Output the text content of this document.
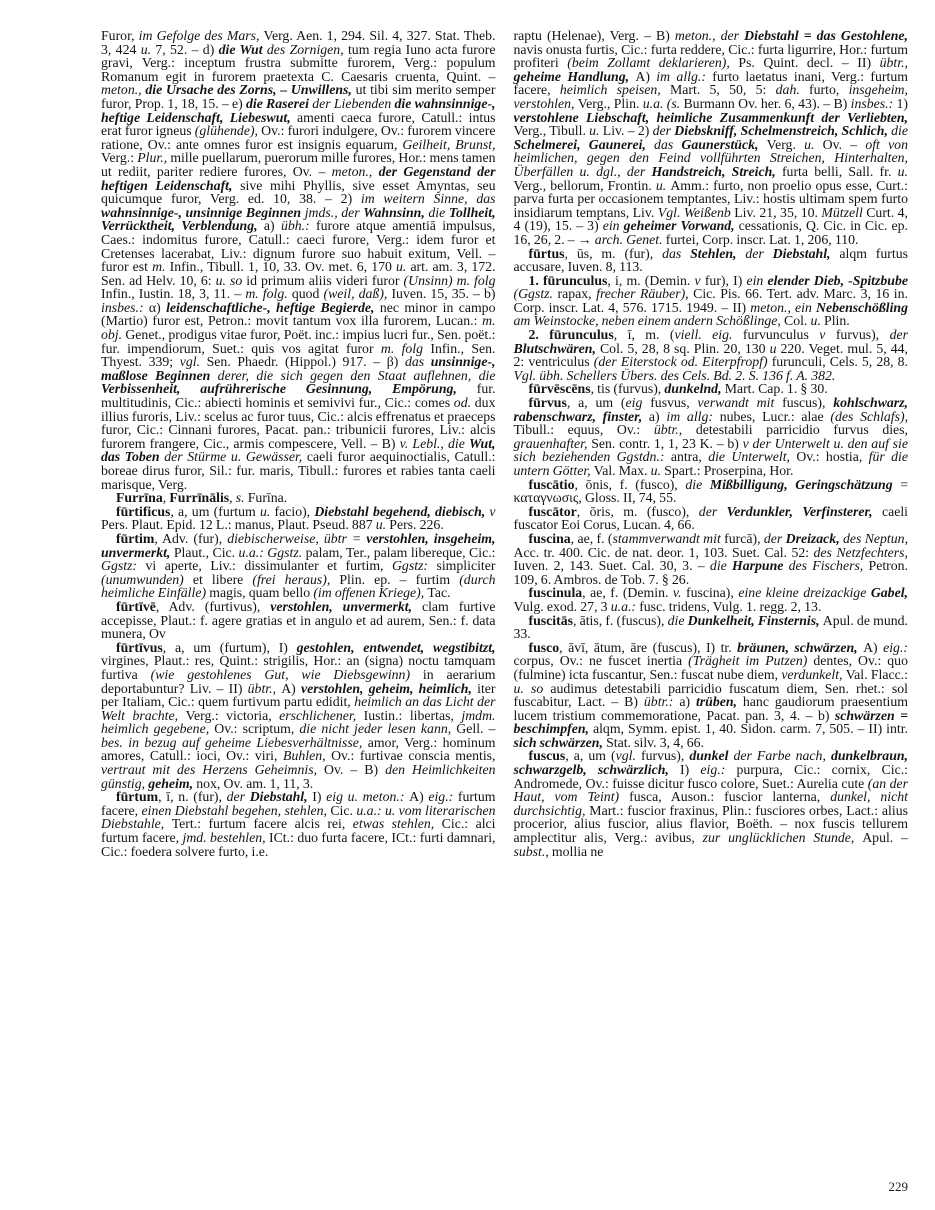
Furor, im Gefolge des Mars, Verg. Aen. 1, 294. Sil. 4, 327. Stat. Theb. 3, 424 u. 7, 52. – d) die Wut des Zornigen, tum regia Iuno acta furore gravi, Verg.: inceptum frustra submitte furorem, Verg.: populum Romanum egit in furorem praetexta C. Caesaris cruenta, Quint. – meton., die Ursache des Zorns, – Unwillens, ut tibi sim merito semper furor, Prop. 1, 18, 15. – e) die Raserei der Liebenden die wahnsinnige-, heftige Leidenschaft, Liebeswut, amenti caeca furore, Catull.: intus erat furor igneus (glühende), Ov.: furori indulgere, Ov.: furorem vincere ratione, Ov.: ante omnes furor est insignis equarum, Geilheit, Brunst, Verg.: Plur., mille puellarum, puerorum mille furores, Hor.: mens tamen ut rediit, pariter rediere furores, Ov. – meton., der Gegenstand der heftigen Leidenschaft, sive mihi Phyllis, sive esset Amyntas, seu quicumque furor, Verg. ed. 10, 38. – 2) im weitern Sinne, das wahnsinnige-, unsinnige Beginnen jmds., der Wahnsinn, die Tollheit, Verrücktheit, Verblendung, a) übh.: furore atque amentiā impulsus, Caes.: indomitus furore, Catull.: caeci furore, Verg.: idem furor et Cretenses lacerabat, Liv.: dignum furore suo habuit exitum, Vell. – furor est m. Infin., Tibull. 1, 10, 33. Ov. met. 6, 170 u. art. am. 3, 172. Sen. ad Helv. 10, 6: u. so id primum aliis videri furor (Unsinn) m. folg Infin., Iustin. 18, 3, 11. – m. folg. quod (weil, daß), Iuven. 15, 35. – b) insbes.: α) leidenschaftliche-, heftige Begierde, nec minor in campo (Martio) furor est, Petron.: movit tantum vox illa furorem, Lucan.: m. obj. Genet., prodigus vitae furor, Poët. inc.: impius lucri fur., Sen. poët.: fur. impendiorum, Suet.: quis vos agitat furor m. folg Infin., Sen. Thyest. 339; vgl. Sen. Phaedr. (Hippol.) 917. – β) das unsinnige-, maßlose Beginnen derer, die sich gegen den Staat auflehnen, die Verbissenheit, aufrührerische Gesinnung, Empörung, fur. multitudinis, Cic.: abiecti hominis et semivivi fur., Cic.: comes od. dux illius furoris, Liv.: scelus ac furor tuus, Cic.: alcis effrenatus et praeceps furor, Cic.: Cinnani furores, Pacat. pan.: tribunicii furores, Liv.: alcis furorem frangere, Cic., armis compescere, Vell. – B) v. Lebl., die Wut, das Toben der Stürme u. Gewässer, caeli furor aequinoctialis, Catull.: boreae dirus furor, Sil.: fur. maris, Tibull.: furores et rabies tanta caeli marisque, Verg.

Furrīna, Furrīnālis, s. Furīna.

fūrtificus, a, um (furtum u. facio), Diebstahl begehend, diebisch, v Pers. Plaut. Epid. 12 L.: manus, Plaut. Pseud. 887 u. Pers. 226.

fūrtim, Adv. (fur), diebischerweise, übtr = verstohlen, insgeheim, unvermerkt, Plaut., Cic. u.a.: Ggstz. palam, Ter., palam libereque, Cic.: Ggstz: vi aperte, Liv.: dissimulanter et furtim, Ggstz: simpliciter (unumwunden) et libere (frei heraus), Plin. ep. – furtim (durch heimliche Einfälle) magis, quam bello (im offenen Kriege), Tac.

fūrtīvē, Adv. (furtivus), verstohlen, unvermerkt, clam furtive accepisse, Plaut.: f. agere gratias et in angulo et ad aurem, Sen.: f. data munera, Ov

fūrtīvus, a, um (furtum), I) gestohlen, entwendet, wegstibitzt, virgines, Plaut.: res, Quint.: strigilis, Hor.: an (signa) noctu tamquam furtiva (wie gestohlenes Gut, wie Diebsgewinn) in aerarium deportabuntur? Liv. – II) übtr., A) verstohlen, geheim, heimlich, iter per Italiam, Cic.: quem furtivum partu edidit, heimlich an das Licht der Welt brachte, Verg.: victoria, erschlichener, Iustin.: libertas, jmdm. heimlich gegebene, Ov.: scriptum, die nicht jeder lesen kann, Gell. – bes. in bezug auf geheime Liebesverhältnisse, amor, Verg.: hominum amores, Catull.: ioci, Ov.: viri, Buhlen, Ov.: furtivae conscia mentis, vertraut mit des Herzens Geheimnis, Ov. – B) den Heimlichkeiten günstig, geheim, nox, Ov. am. 1, 11, 3.

fūrtum, ī, n. (fur), der Diebstahl, I) eig u. meton.: A) eig.: furtum facere, einen Diebstahl begehen, stehlen, Cic. u.a.: u. vom literarischen Diebstahle, Tert.: furtum facere alcis rei, etwas stehlen, Cic.: alci furtum facere, jmd. bestehlen, ICt.: duo furta facere, ICt.: furti damnari, Cic.: foedera solvere furto, i.e.

raptu (Helenae), Verg. – B) meton., der Diebstahl = das Gestohlene, navis onusta furtis, Cic.: furta reddere, Cic.: furta ligurrire, Hor.: furtum profiteri (beim Zollamt deklarieren), Ps. Quint. decl. – II) übtr., geheime Handlung, A) im allg.: furto laetatus inani, Verg.: furtum facere, heimlich speisen, Mart. 5, 50, 5: dah. furto, insgeheim, verstohlen, Verg., Plin. u.a. (s. Burmann Ov. her. 6, 43). – B) insbes.: 1) verstohlene Liebschaft, heimliche Zusammenkunft der Verliebten, Verg., Tibull. u. Liv. – 2) der Diebskniff, Schelmenstreich, Schlich, die Schelmerei, Gaunerei, das Gaunerstück, Verg. u. Ov. – oft von heimlichen, gegen den Feind vollführten Streichen, Hinterhalten, Überfällen u. dgl., der Handstreich, Streich, furta belli, Sall. fr. u. Verg., bellorum, Frontin. u. Amm.: furto, non proelio opus esse, Curt.: parva furta per occasionem temptantes, Liv.: hostis ultimam spem furto insidiarum temptans, Liv. Vgl. Weißenb Liv. 21, 35, 10. Mützell Curt. 4, 4 (19), 15. – 3) ein geheimer Vorwand, cessationis, Q. Cic. in Cic. ep. 16, 26, 2. – → arch. Genet. furtei, Corp. inscr. Lat. 1, 206, 110.

fūrtus, ūs, m. (fur), das Stehlen, der Diebstahl, alqm furtus accusare, Iuven. 8, 113.

1. fūrunculus, i, m. (Demin. v fur), I) ein elender Dieb, -Spitzbube (Ggstz. rapax, frecher Räuber), Cic. Pis. 66. Tert. adv. Marc. 3, 16 in. Corp. inscr. Lat. 4, 576. 1715. 1949. – II) meton., ein Nebenschößling am Weinstocke, neben einem andern Schößlinge, Col. u. Plin.

2. fūrunculus, ī, m. (viell. eig. furvunculus v furvus), der Blutschwären, Col. 5, 28, 8 sq. Plin. 20, 130 u 220. Veget. mul. 5, 44, 2: ventriculus (der Eiterstock od. Eiterpfropf) furunculi, Cels. 5, 28, 8. Vgl. übh. Schellers Übers. des Cels. Bd. 2. S. 136 f. A. 382.

fūrvēscēns, tis (furvus), dunkelnd, Mart. Cap. 1. § 30.

fūrvus, a, um (eig fusvus, verwandt mit fuscus), kohlschwarz, rabenschwarz, finster, a) im allg: nubes, Lucr.: alae (des Schlafs), Tibull.: equus, Ov.: übtr., detestabili parricidio furvus dies, grauenhafter, Sen. contr. 1, 1, 23 K. – b) v der Unterwelt u. den auf sie sich beziehenden Ggstdn.: antra, die Unterwelt, Ov.: hostia, für die untern Götter, Val. Max. u. Spart.: Proserpina, Hor.

fuscātio, ōnis, f. (fusco), die Mißbilligung, Geringschätzung = καταγνωσις, Gloss. II, 74, 55.

fuscātor, ōris, m. (fusco), der Verdunkler, Verfinsterer, caeli fuscator Eoi Corus, Lucan. 4, 66.

fuscina, ae, f. (stammverwandt mit furcā), der Dreizack, des Neptun, Acc. tr. 400. Cic. de nat. deor. 1, 103. Suet. Cal. 52: des Netzfechters, Iuven. 2, 143. Suet. Cal. 30, 3. – die Harpune des Fischers, Petron. 109, 6. Ambros. de Tob. 7. § 26.

fuscinula, ae, f. (Demin. v. fuscina), eine kleine dreizackige Gabel, Vulg. exod. 27, 3 u.a.: fusc. tridens, Vulg. 1. regg. 2, 13.

fuscitās, ātis, f. (fuscus), die Dunkelheit, Finsternis, Apul. de mund. 33.

fusco, āvī, ātum, āre (fuscus), I) tr. bräunen, schwärzen, A) eig.: corpus, Ov.: ne fuscet inertia (Trägheit im Putzen) dentes, Ov.: quo (fulmine) icta fuscantur, Sen.: fuscat nube diem, verdunkelt, Val. Flacc.: u. so audimus detestabili parricidio fuscatum diem, Sen. rhet.: sol fuscabitur, Lact. – B) übtr.: a) trüben, hanc gaudiorum praesentium lucem tristium commemoratione, Pacat. pan. 3, 4. – b) schwärzen = beschimpfen, alqm, Symm. epist. 1, 40. Sidon. carm. 7, 505. – II) intr. sich schwärzen, Stat. silv. 3, 4, 66.

fuscus, a, um (vgl. furvus), dunkel der Farbe nach, dunkelbraun, schwarzgelb, schwärzlich, I) eig.: purpura, Cic.: cornix, Cic.: Andromede, Ov.: fuisse dicitur fusco colore, Suet.: Aurelia cute (an der Haut, vom Teint) fusca, Auson.: fuscior lanterna, dunkel, nicht durchsichtig, Mart.: fuscior fraxinus, Plin.: fusciores orbes, Lact.: alius procerior, alius fuscior, alius flavior, Boëth. – nox fuscis tellurem amplectitur alis, Verg.: avibus, zur unglücklichen Stunde, Apul. – subst., mollia ne

229
